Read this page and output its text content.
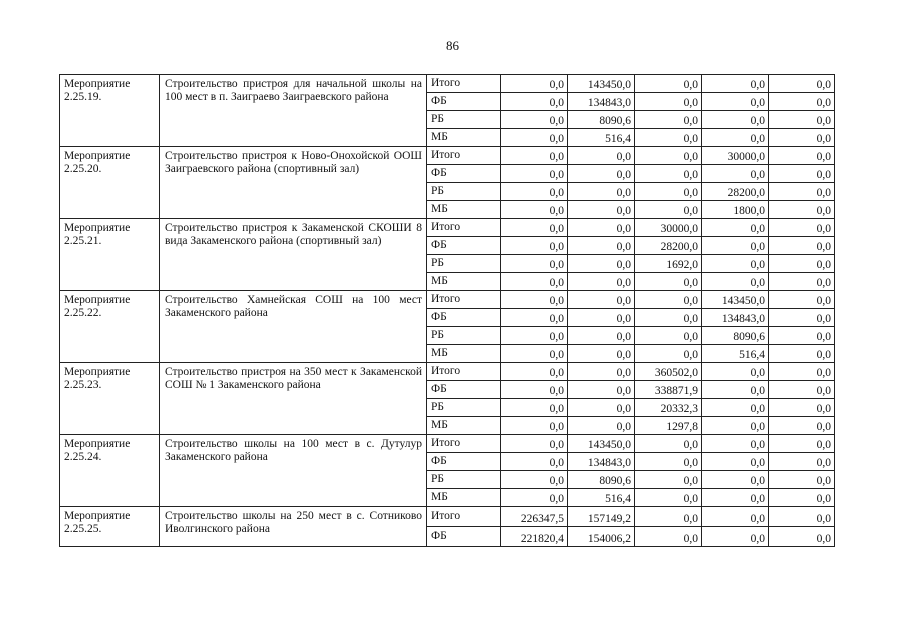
86
Мероприятие 2.25.19.	Строительство пристроя для начальной школы на 100 мест в п. Заиграево Заиграевского района	Итого	0,0	143450,0	0,0	0,0	0,0
		ФБ	0,0	134843,0	0,0	0,0	0,0
		РБ	0,0	8090,6	0,0	0,0	0,0
		МБ	0,0	516,4	0,0	0,0	0,0
Мероприятие 2.25.20.	Строительство пристроя к Ново-Онохойской ООШ Заиграевского района (спортивный зал)	Итого	0,0	0,0	0,0	30000,0	0,0
		ФБ	0,0	0,0	0,0	0,0	0,0
		РБ	0,0	0,0	0,0	28200,0	0,0
		МБ	0,0	0,0	0,0	1800,0	0,0
Мероприятие 2.25.21.	Строительство пристроя к Закаменской СКОШИ 8 вида Закаменского района (спортивный зал)	Итого	0,0	0,0	30000,0	0,0	0,0
		ФБ	0,0	0,0	28200,0	0,0	0,0
		РБ	0,0	0,0	1692,0	0,0	0,0
		МБ	0,0	0,0	0,0	0,0	0,0
Мероприятие 2.25.22.	Строительство Хамнейская СОШ на 100 мест Закаменского района	Итого	0,0	0,0	0,0	143450,0	0,0
		ФБ	0,0	0,0	0,0	134843,0	0,0
		РБ	0,0	0,0	0,0	8090,6	0,0
		МБ	0,0	0,0	0,0	516,4	0,0
Мероприятие 2.25.23.	Строительство пристроя на 350 мест к Закаменской СОШ № 1 Закаменского района	Итого	0,0	0,0	360502,0	0,0	0,0
		ФБ	0,0	0,0	338871,9	0,0	0,0
		РБ	0,0	0,0	20332,3	0,0	0,0
		МБ	0,0	0,0	1297,8	0,0	0,0
Мероприятие 2.25.24.	Строительство школы на 100 мест в с. Дутулур Закаменского района	Итого	0,0	143450,0	0,0	0,0	0,0
		ФБ	0,0	134843,0	0,0	0,0	0,0
		РБ	0,0	8090,6	0,0	0,0	0,0
		МБ	0,0	516,4	0,0	0,0	0,0
Мероприятие 2.25.25.	Строительство школы на 250 мест в с. Сотниково Иволгинского района	Итого	226347,5	157149,2	0,0	0,0	0,0
		ФБ	221820,4	154006,2	0,0	0,0	0,0
